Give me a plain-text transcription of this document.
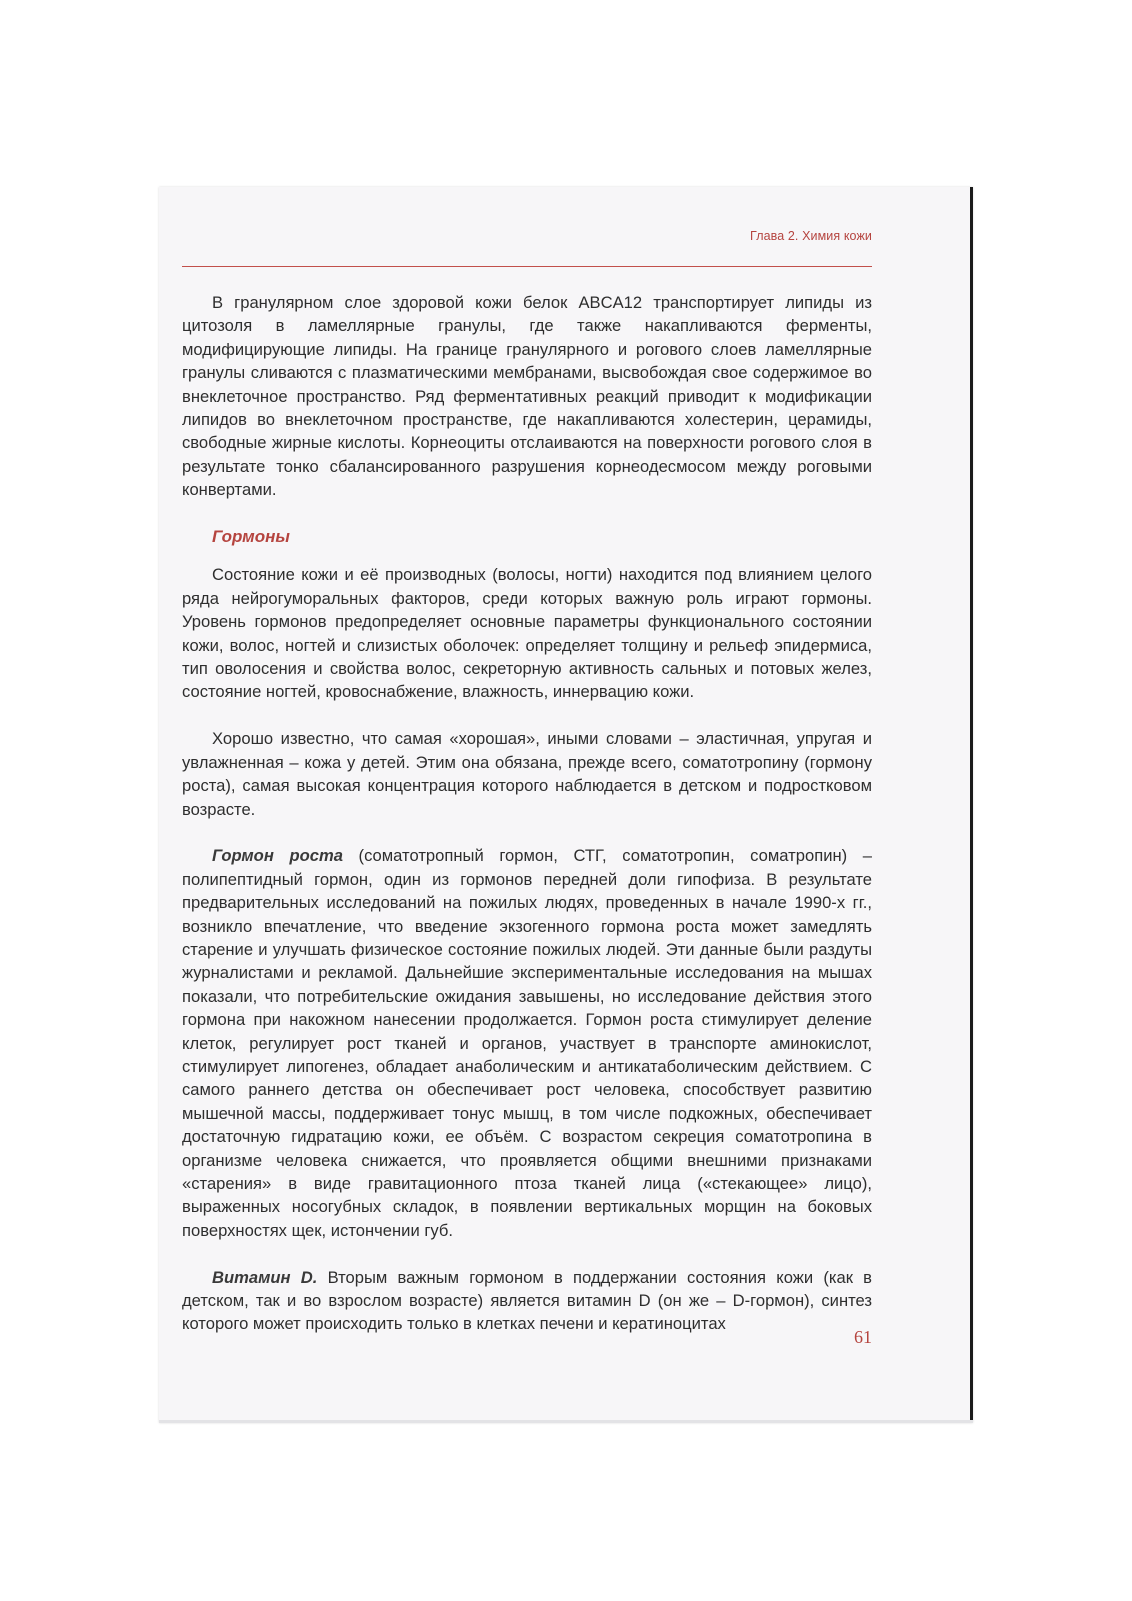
Глава 2. Химия кожи

В гранулярном слое здоровой кожи белок ABCA12 транспортирует липиды из цитозоля в ламеллярные гранулы, где также накапливаются ферменты, модифицирующие липиды. На границе гранулярного и рогового слоев ламеллярные гранулы сливаются с плазматическими мембранами, высвобождая свое содержимое во внеклеточное пространство. Ряд ферментативных реакций приводит к модификации липидов во внеклеточном пространстве, где накапливаются холестерин, церамиды, свободные жирные кислоты. Корнеоциты отслаиваются на поверхности рогового слоя в результате тонко сбалансированного разрушения корнеодесмосом между роговыми конвертами.

Гормоны

Состояние кожи и её производных (волосы, ногти) находится под влиянием целого ряда нейрогуморальных факторов, среди которых важную роль играют гормоны. Уровень гормонов предопределяет основные параметры функционального состоянии кожи, волос, ногтей и слизистых оболочек: определяет толщину и рельеф эпидермиса, тип оволосения и свойства волос, секреторную активность сальных и потовых желез, состояние ногтей, кровоснабжение, влажность, иннервацию кожи.

Хорошо известно, что самая «хорошая», иными словами – эластичная, упругая и увлажненная – кожа у детей. Этим она обязана, прежде всего, соматотропину (гормону роста), самая высокая концентрация которого наблюдается в детском и подростковом возрасте.

Гормон роста (соматотропный гормон, СТГ, соматотропин, соматропин) – полипептидный гормон, один из гормонов передней доли гипофиза. В результате предварительных исследований на пожилых людях, проведенных в начале 1990-х гг., возникло впечатление, что введение экзогенного гормона роста может замедлять старение и улучшать физическое состояние пожилых людей. Эти данные были раздуты журналистами и рекламой. Дальнейшие экспериментальные исследования на мышах показали, что потребительские ожидания завышены, но исследование действия этого гормона при накожном нанесении продолжается. Гормон роста стимулирует деление клеток, регулирует рост тканей и органов, участвует в транспорте аминокислот, стимулирует липогенез, обладает анаболическим и антикатаболическим действием. С самого раннего детства он обеспечивает рост человека, способствует развитию мышечной массы, поддерживает тонус мышц, в том числе подкожных, обеспечивает достаточную гидратацию кожи, ее объём. С возрастом секреция соматотропина в организме человека снижается, что проявляется общими внешними признаками «старения» в виде гравитационного птоза тканей лица («стекающее» лицо), выраженных носогубных складок, в появлении вертикальных морщин на боковых поверхностях щек, истончении губ.

Витамин D. Вторым важным гормоном в поддержании состояния кожи (как в детском, так и во взрослом возрасте) является витамин D (он же – D-гормон), синтез которого может происходить только в клетках печени и кератиноцитах

61
